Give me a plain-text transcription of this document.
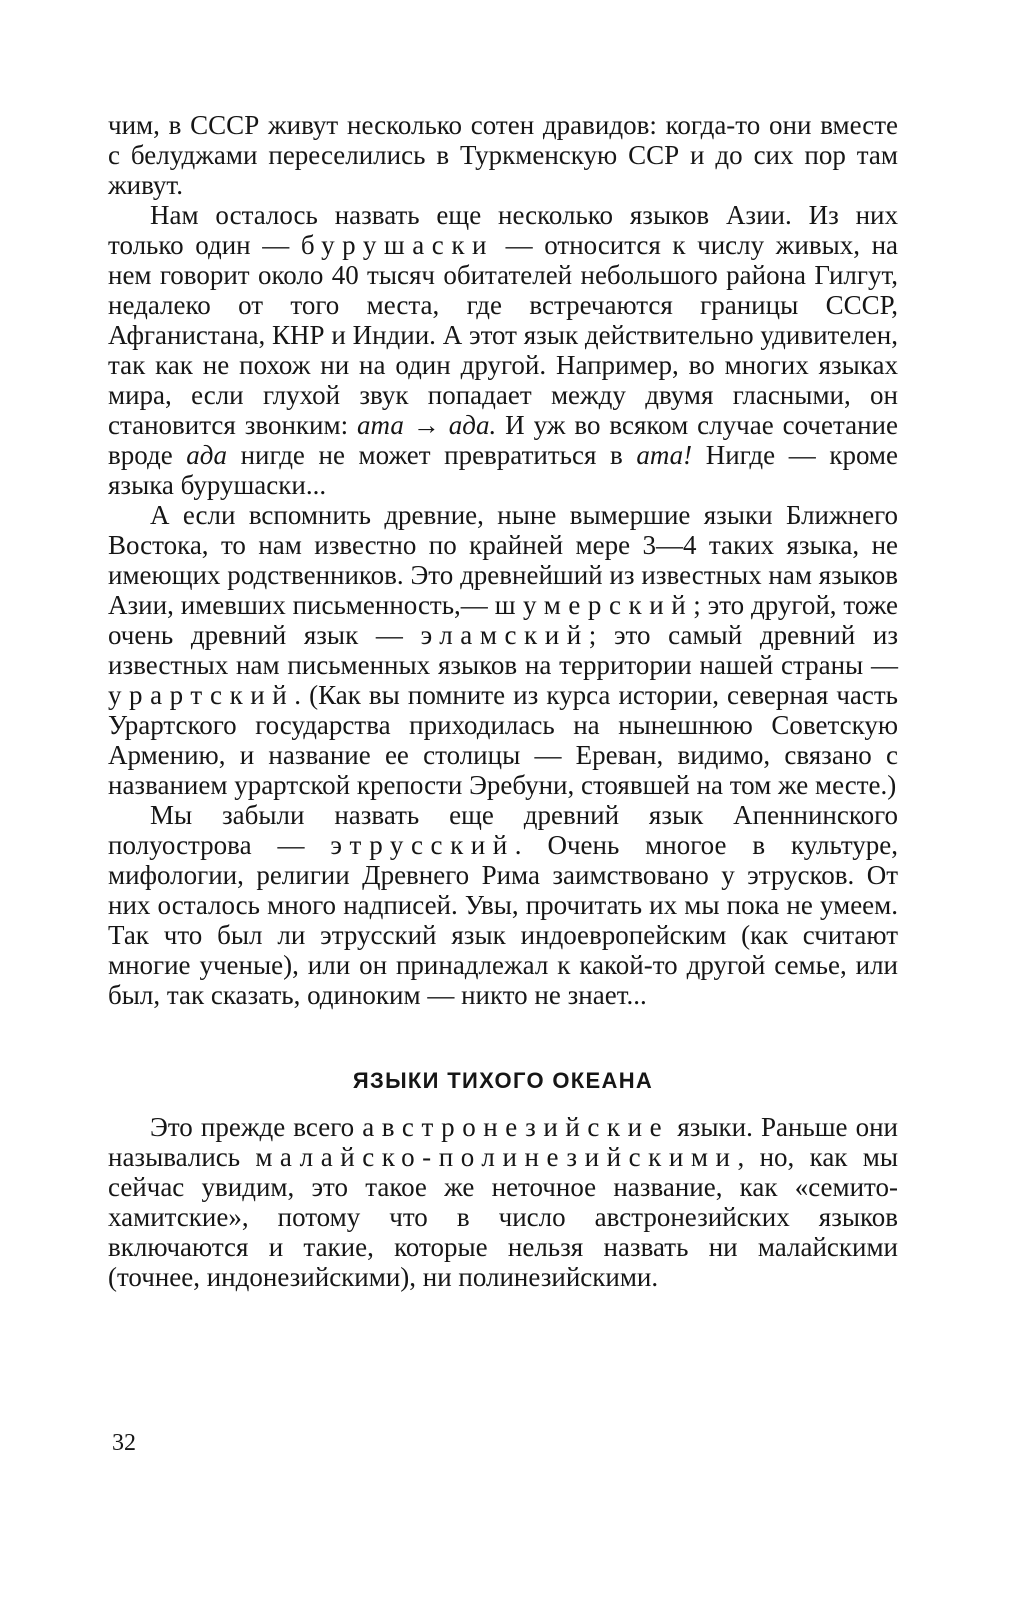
чим, в СССР живут несколько сотен дравидов: когда-то они вместе с белуджами переселились в Туркменскую ССР и до сих пор там живут.

Нам осталось назвать еще несколько языков Азии. Из них только один — бурушаски — относится к числу живых, на нем говорит около 40 тысяч обитателей небольшого района Гилгут, недалеко от того места, где встречаются границы СССР, Афганистана, КНР и Индии. А этот язык действительно удивителен, так как не похож ни на один другой. Например, во многих языках мира, если глухой звук попадает между двумя гласными, он становится звонким: ата → ада. И уж во всяком случае сочетание вроде ада нигде не может превратиться в ата! Нигде — кроме языка бурушаски...

А если вспомнить древние, ныне вымершие языки Ближнего Востока, то нам известно по крайней мере 3—4 таких языка, не имеющих родственников. Это древнейший из известных нам языков Азии, имевших письменность,— шумерский; это другой, тоже очень древний язык — эламский; это самый древний из известных нам письменных языков на территории нашей страны — урартский. (Как вы помните из курса истории, северная часть Урартского государства приходилась на нынешнюю Советскую Армению, и название ее столицы — Ереван, видимо, связано с названием урартской крепости Эребуни, стоявшей на том же месте.)

Мы забыли назвать еще древний язык Апеннинского полуострова — этрусский. Очень многое в культуре, мифологии, религии Древнего Рима заимствовано у этрусков. От них осталось много надписей. Увы, прочитать их мы пока не умеем. Так что был ли этрусский язык индоевропейским (как считают многие ученые), или он принадлежал к какой-то другой семье, или был, так сказать, одиноким — никто не знает...

ЯЗЫКИ ТИХОГО ОКЕАНА

Это прежде всего австронезийские языки. Раньше они назывались малайско-полинезийскими, но, как мы сейчас увидим, это такое же неточное название, как «семито-хамитские», потому что в число австронезийских языков включаются и такие, которые нельзя назвать ни малайскими (точнее, индонезийскими), ни полинезийскими.

32
